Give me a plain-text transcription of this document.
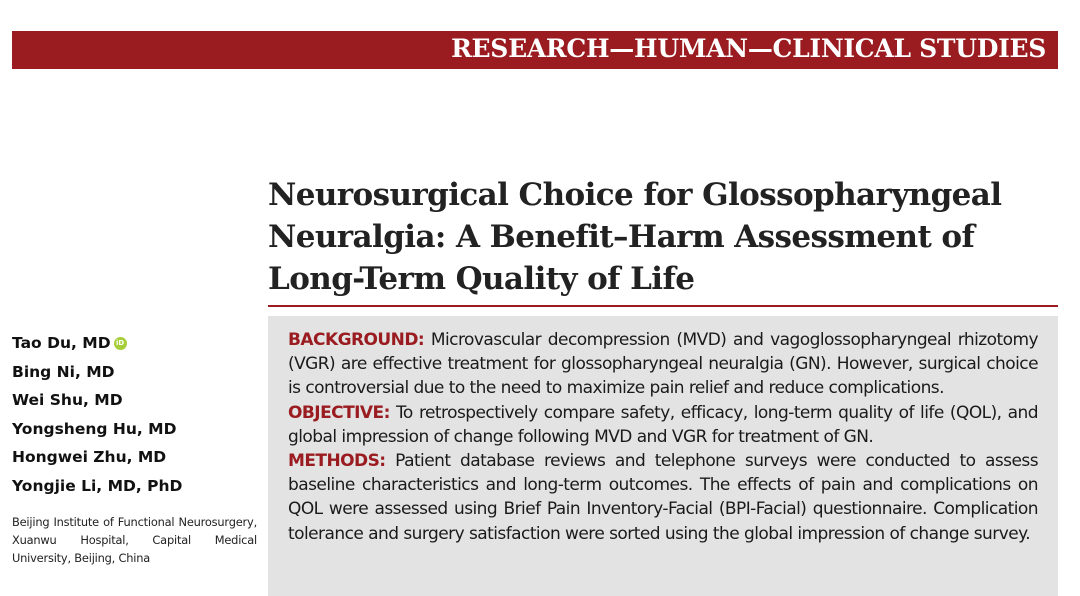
RESEARCH—HUMAN—CLINICAL STUDIES
Neurosurgical Choice for Glossopharyngeal Neuralgia: A Benefit–Harm Assessment of Long-Term Quality of Life
Tao Du, MD iD
Bing Ni, MD
Wei Shu, MD
Yongsheng Hu, MD
Hongwei Zhu, MD
Yongjie Li, MD, PhD
Beijing Institute of Functional Neurosurgery, Xuanwu Hospital, Capital Medical University, Beijing, China

BACKGROUND: Microvascular decompression (MVD) and vagoglossopharyngeal rhizotomy (VGR) are effective treatment for glossopharyngeal neuralgia (GN). However, surgical choice is controversial due to the need to maximize pain relief and reduce complications.

OBJECTIVE: To retrospectively compare safety, efficacy, long-term quality of life (QOL), and global impression of change following MVD and VGR for treatment of GN.

METHODS: Patient database reviews and telephone surveys were conducted to assess baseline characteristics and long-term outcomes. The effects of pain and complications on QOL were assessed using Brief Pain Inventory-Facial (BPI-Facial) questionnaire. Complication tolerance and surgery satisfaction were sorted using the global impression of change survey.
